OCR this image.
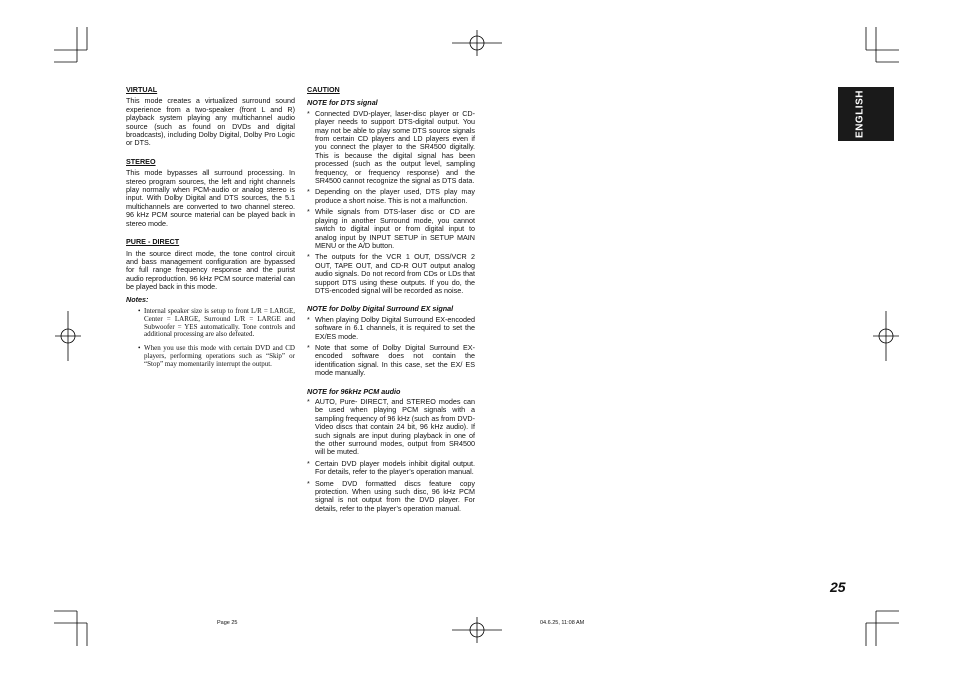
VIRTUAL

This mode creates a virtualized surround sound experience from a two-speaker (front L and R) playback system playing any multichannel audio source (such as found on DVDs and digital broadcasts), including Dolby Digital, Dolby Pro Logic or DTS.

STEREO

This mode bypasses all surround processing. In stereo program sources, the left and right channels play normally when PCM-audio or analog stereo is input. With Dolby Digital and DTS sources, the 5.1 multichannels are converted to two channel stereo. 96 kHz PCM source material can be played back in stereo mode.

PURE - DIRECT

In the source direct mode, the tone control circuit and bass management configuration are bypassed for full range frequency response and the purist audio reproduction. 96 kHz PCM source material can be played back in this mode.

Notes:
• Internal speaker size is setup to front L/R = LARGE, Center = LARGE, Surround L/R = LARGE and Subwoofer = YES automatically. Tone controls and additional processing are also defeated.
• When you use this mode with certain DVD and CD players, performing operations such as “Skip” or “Stop” may momentarily interrupt the output.
CAUTION
NOTE for DTS signal
* Connected DVD-player, laser-disc player or CD-player needs to support DTS-digital output. You may not be able to play some DTS source signals from certain CD players and LD players even if you connect the player to the SR4500 digitally. This is because the digital signal has been processed (such as the output level, sampling frequency, or frequency response) and the SR4500 cannot recognize the signal as DTS data.
* Depending on the player used, DTS play may produce a short noise. This is not a malfunction.
* While signals from DTS-laser disc or CD are playing in another Surround mode, you cannot switch to digital input or from digital input to analog input by INPUT SETUP in SETUP MAIN MENU or the A/D button.
* The outputs for the VCR 1 OUT, DSS/VCR 2 OUT, TAPE OUT, and CD-R OUT output analog audio signals. Do not record from CDs or LDs that support DTS using these outputs. If you do, the DTS-encoded signal will be recorded as noise.
NOTE for Dolby Digital Surround EX signal
* When playing Dolby Digital Surround EX-encoded software in 6.1 channels, it is required to set the EX/ES mode.
* Note that some of Dolby Digital Surround EX-encoded software does not contain the identification signal. In this case, set the EX/ ES mode manually.
NOTE for 96kHz PCM audio
* AUTO, Pure- DIRECT, and STEREO modes can be used when playing PCM signals with a sampling frequency of 96 kHz (such as from DVD-Video discs that contain 24 bit, 96 kHz audio). If such signals are input during playback in one of the other surround modes, output from SR4500 will be muted.
* Certain DVD player models inhibit digital output. For details, refer to the player’s operation manual.
* Some DVD formatted discs feature copy protection. When using such disc, 96 kHz PCM signal is not output from the DVD player. For details, refer to the player’s operation manual.
ENGLISH
25
Page 25	04.6.25, 11:08 AM
